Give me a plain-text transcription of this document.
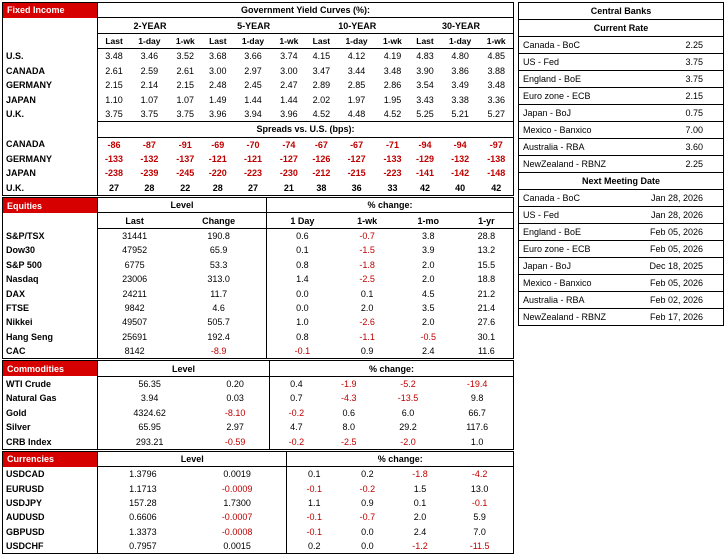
Fixed Income	Government Yield Curves (%):											
	2-YEAR			5-YEAR			10-YEAR			30-YEAR		
	Last	1-day	1-wk	Last	1-day	1-wk	Last	1-day	1-wk	Last	1-day	1-wk
U.S.	3.48	3.46	3.52	3.68	3.66	3.74	4.15	4.12	4.19	4.83	4.80	4.85
CANADA	2.61	2.59	2.61	3.00	2.97	3.00	3.47	3.44	3.48	3.90	3.86	3.88
GERMANY	2.15	2.14	2.15	2.48	2.45	2.47	2.89	2.85	2.86	3.54	3.49	3.48
JAPAN	1.10	1.07	1.07	1.49	1.44	1.44	2.02	1.97	1.95	3.43	3.38	3.36
U.K.	3.75	3.75	3.75	3.96	3.94	3.96	4.52	4.48	4.52	5.25	5.21	5.27
	Spreads vs. U.S. (bps):											
CANADA	-86	-87	-91	-69	-70	-74	-67	-67	-71	-94	-94	-97
GERMANY	-133	-132	-137	-121	-121	-127	-126	-127	-133	-129	-132	-138
JAPAN	-238	-239	-245	-220	-223	-230	-212	-215	-223	-141	-142	-148
U.K.	27	28	22	28	27	21	38	36	33	42	40	42
Equities	Level		% change:			
	Last	Change	1 Day	1-wk	1-mo	1-yr
S&P/TSX	31441	190.8	0.6	-0.7	3.8	28.8
Dow30	47952	65.9	0.1	-1.5	3.9	13.2
S&P 500	6775	53.3	0.8	-1.8	2.0	15.5
Nasdaq	23006	313.0	1.4	-2.5	2.0	18.8
DAX	24211	11.7	0.0	0.1	4.5	21.2
FTSE	9842	4.6	0.0	2.0	3.5	21.4
Nikkei	49507	505.7	1.0	-2.6	2.0	27.6
Hang Seng	25691	192.4	0.8	-1.1	-0.5	30.1
CAC	8142	-8.9	-0.1	0.9	2.4	11.6
Commodities	Level		% change:			
WTI Crude	56.35	0.20	0.4	-1.9	-5.2	-19.4
Natural Gas	3.94	0.03	0.7	-4.3	-13.5	9.8
Gold	4324.62	-8.10	-0.2	0.6	6.0	66.7
Silver	65.95	2.97	4.7	8.0	29.2	117.6
CRB Index	293.21	-0.59	-0.2	-2.5	-2.0	1.0
Currencies	Level		% change:			
USDCAD	1.3796	0.0019	0.1	0.2	-1.8	-4.2
EURUSD	1.1713	-0.0009	-0.1	-0.2	1.5	13.0
USDJPY	157.28	1.7300	1.1	0.9	0.1	-0.1
AUDUSD	0.6606	-0.0007	-0.1	-0.7	2.0	5.9
GBPUSD	1.3373	-0.0008	-0.1	0.0	2.4	7.0
USDCHF	0.7957	0.0015	0.2	0.0	-1.2	-11.5
Central Banks	
Current Rate	
Canada - BoC	2.25
US - Fed	3.75
England - BoE	3.75
Euro zone - ECB	2.15
Japan - BoJ	0.75
Mexico - Banxico	7.00
Australia - RBA	3.60
NewZealand - RBNZ	2.25
Next Meeting Date	
Canada - BoC	Jan 28, 2026
US - Fed	Jan 28, 2026
England - BoE	Feb 05, 2026
Euro zone - ECB	Feb 05, 2026
Japan - BoJ	Dec 18, 2025
Mexico - Banxico	Feb 05, 2026
Australia - RBA	Feb 02, 2026
NewZealand - RBNZ	Feb 17, 2026
